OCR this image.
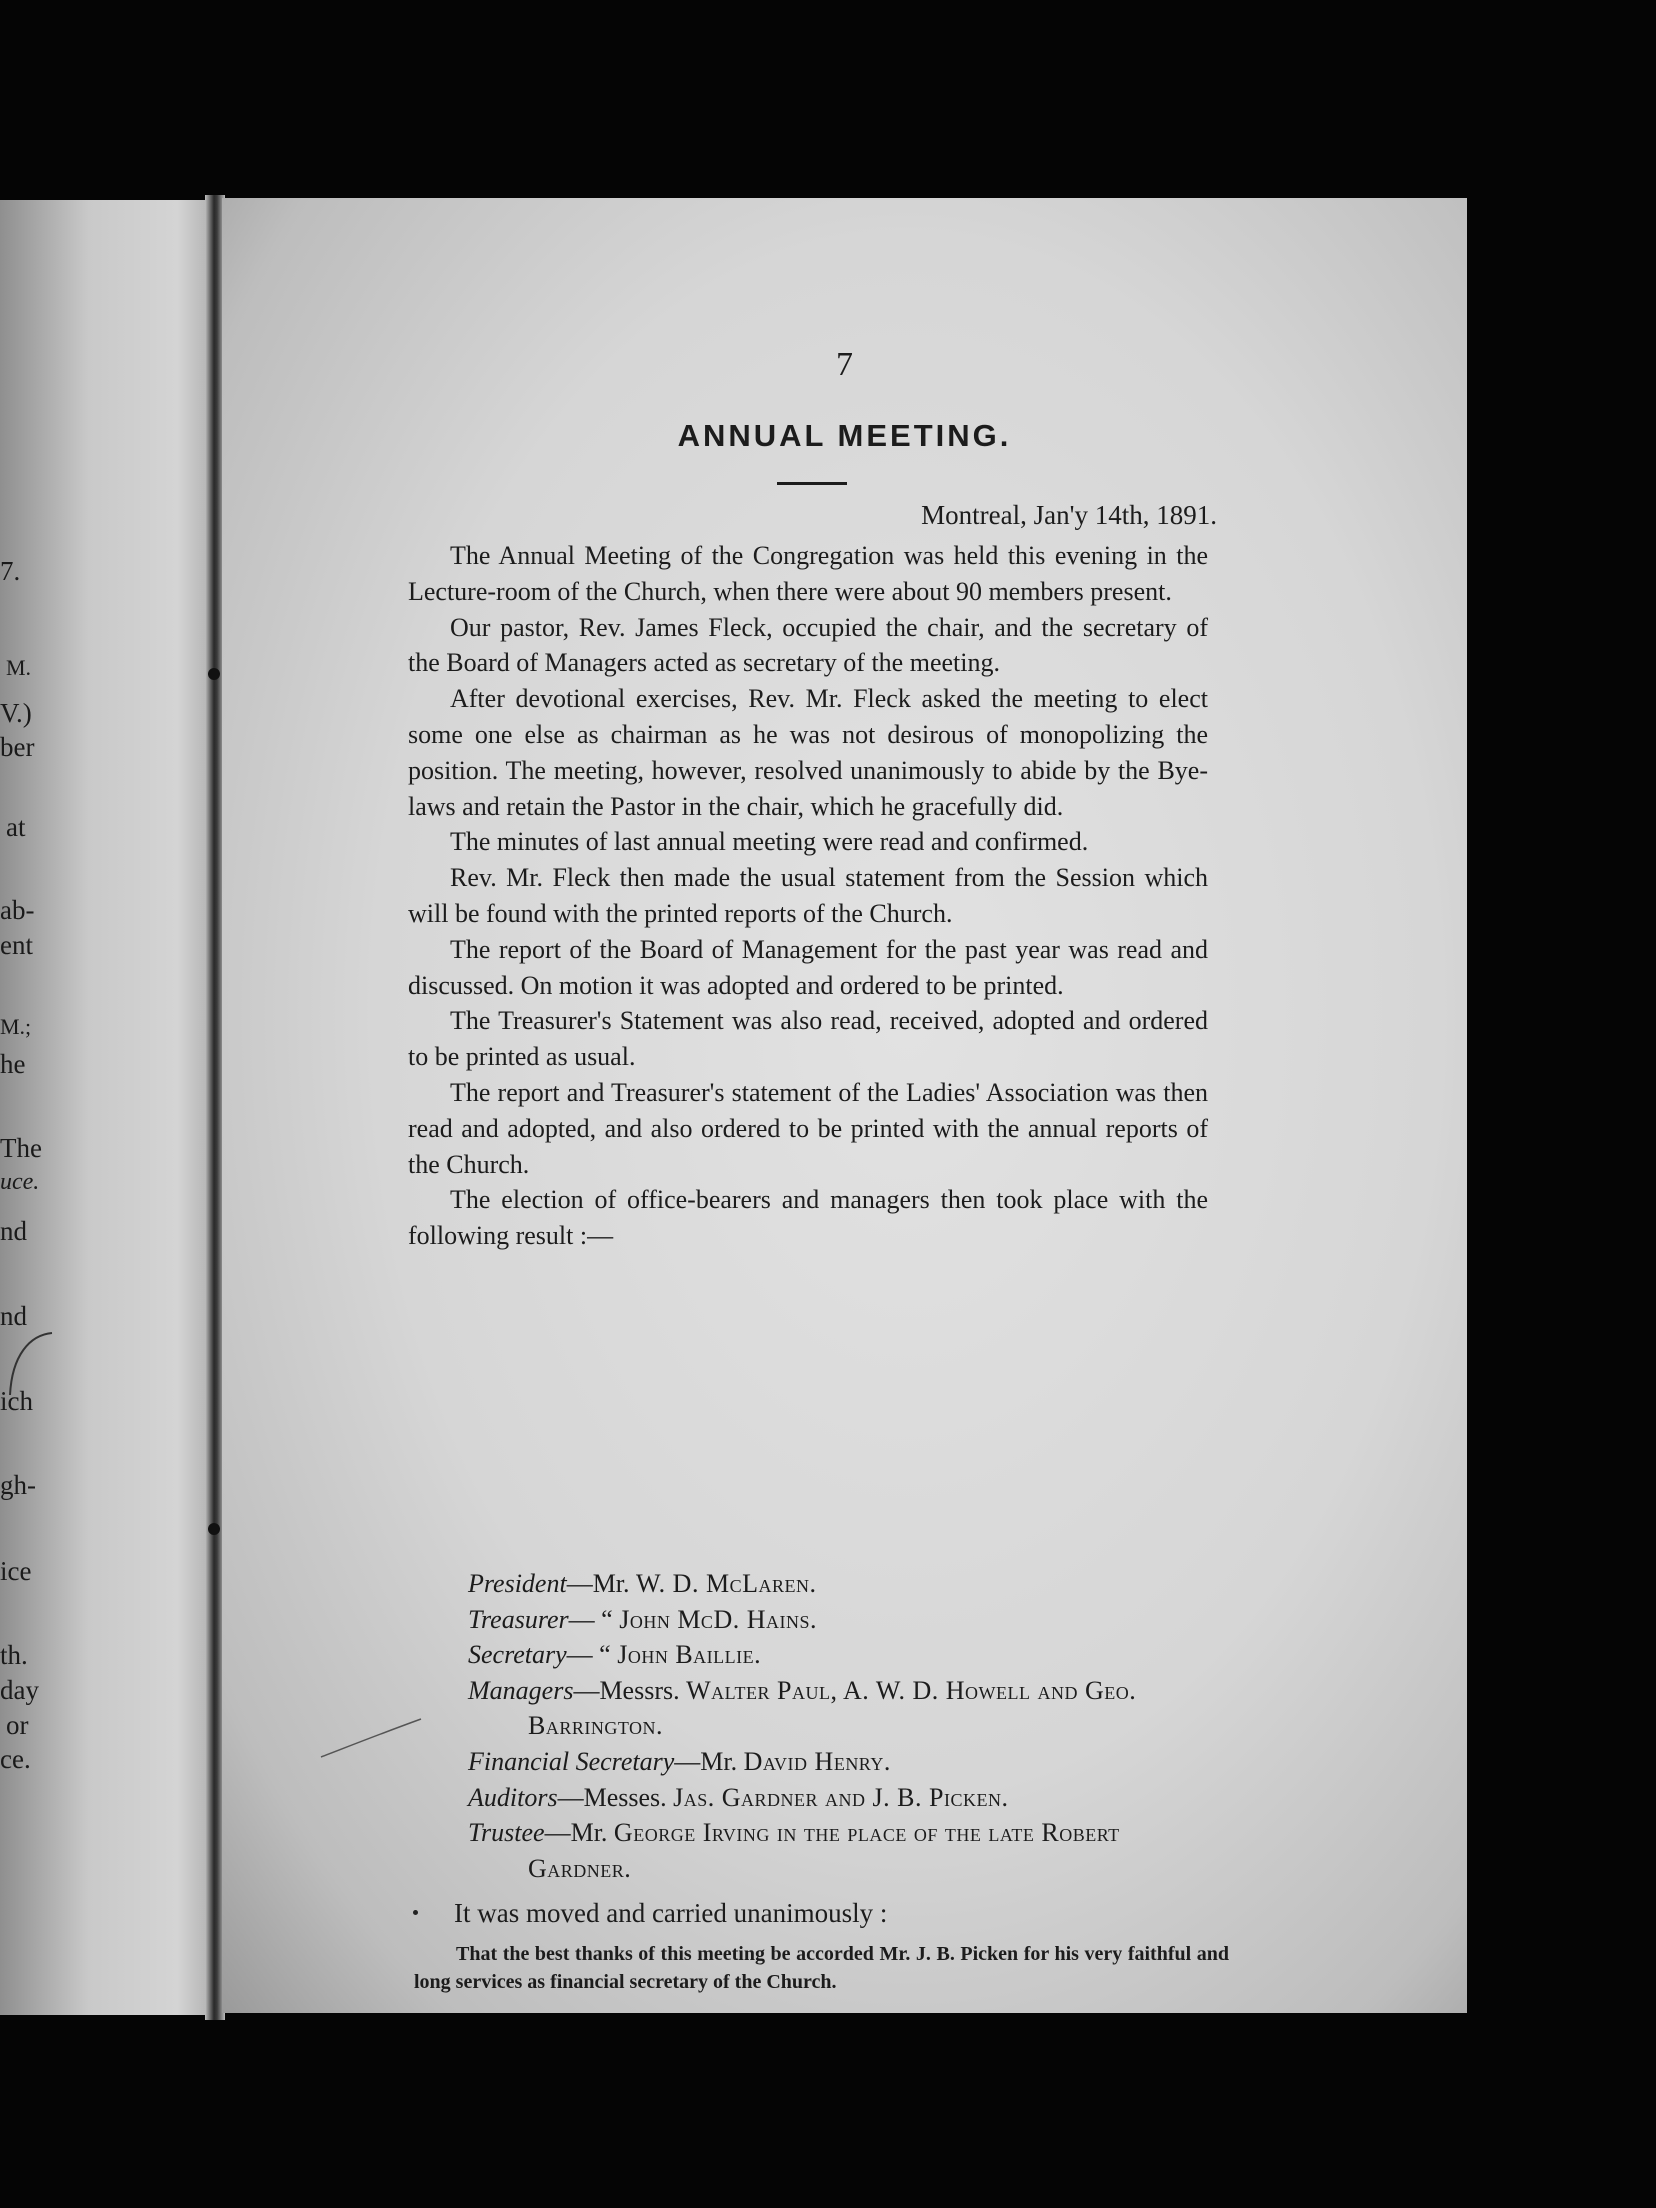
7.
M.
V.)
ber
at
ab-
ent
M.;
he
The
uce.
nd
nd
ich
gh-
ice
th.
day
or
ce.
7
ANNUAL MEETING.
Montreal, Jan'y 14th, 1891.

The Annual Meeting of the Congregation was held this evening in the Lecture-room of the Church, when there were about 90 members present.

Our pastor, Rev. James Fleck, occupied the chair, and the secretary of the Board of Managers acted as secretary of the meeting.

After devotional exercises, Rev. Mr. Fleck asked the meeting to elect some one else as chairman as he was not desirous of monopolizing the position. The meeting, however, resolved unanimously to abide by the Bye-laws and retain the Pastor in the chair, which he gracefully did.

The minutes of last annual meeting were read and confirmed.

Rev. Mr. Fleck then made the usual statement from the Session which will be found with the printed reports of the Church.

The report of the Board of Management for the past year was read and discussed. On motion it was adopted and ordered to be printed.

The Treasurer's Statement was also read, received, adopted and ordered to be printed as usual.

The report and Treasurer's statement of the Ladies' Association was then read and adopted, and also ordered to be printed with the annual reports of the Church.

The election of office-bearers and managers then took place with the following result :—

President—Mr. W. D. McLaren.

Treasurer— “ John McD. Hains.

Secretary— “ John Baillie.

Managers—Messrs. Walter Paul, A. W. D. Howell and Geo. Barrington.

Financial Secretary—Mr. David Henry.

Auditors—Messes. Jas. Gardner and J. B. Picken.

Trustee—Mr. George Irving in the place of the late Robert Gardner.

It was moved and carried unanimously :

That the best thanks of this meeting be accorded Mr. J. B. Picken for his very faithful and long services as financial secretary of the Church.
